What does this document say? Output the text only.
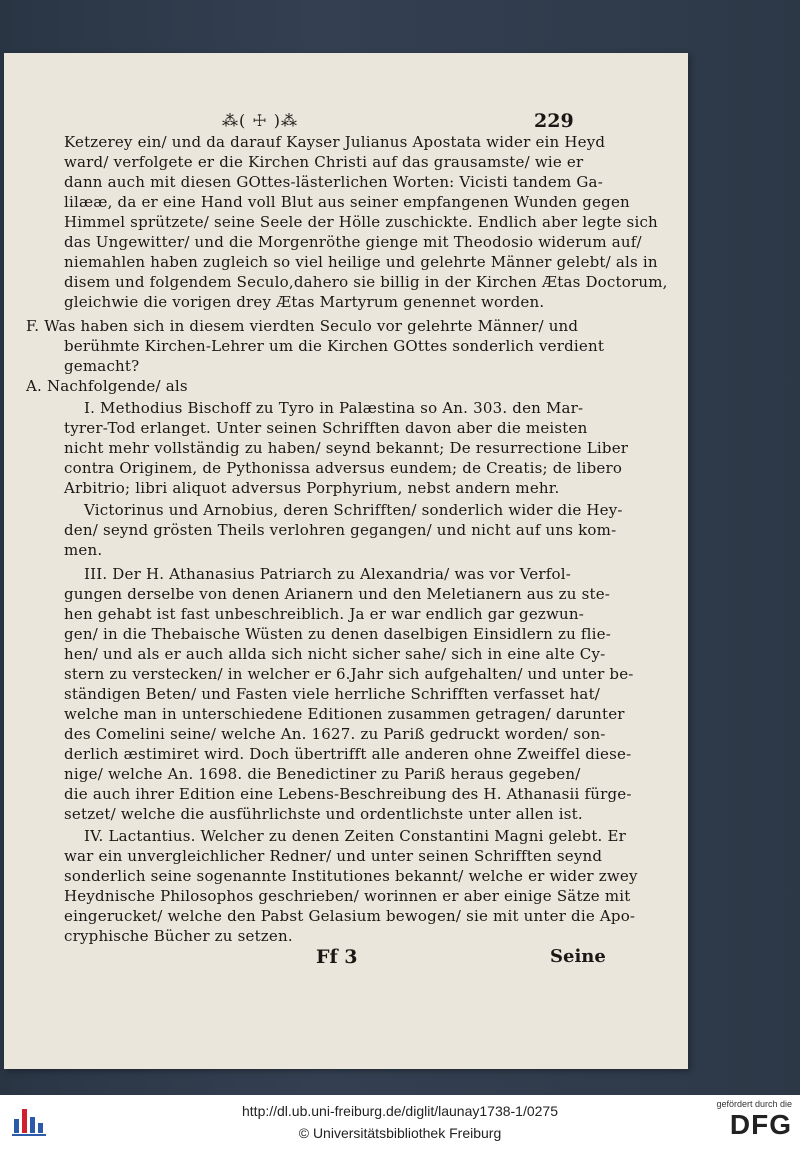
⁂( ☩ )⁂	229
Ketzerey ein/ und da darauf Kayser Julianus Apostata wider ein Heyd
ward/ verfolgete er die Kirchen Christi auf das grausamste/ wie er
dann auch mit diesen GOttes-lästerlichen Worten: Vicisti tandem Ga-
lilææ, da er eine Hand voll Blut aus seiner empfangenen Wunden gegen
Himmel sprützete/ seine Seele der Hölle zuschickte. Endlich aber legte sich
das Ungewitter/ und die Morgenröthe gienge mit Theodosio widerum auf/
niemahlen haben zugleich so viel heilige und gelehrte Männer gelebt/ als in
disem und folgendem Seculo,dahero sie billig in der Kirchen Ætas Doctorum,
gleichwie die vorigen drey Ætas Martyrum genennet worden.
F. Was haben sich in diesem vierdten Seculo vor gelehrte Männer/ und
berühmte Kirchen-Lehrer um die Kirchen GOttes sonderlich verdient
gemacht?
A. Nachfolgende/ als
I. Methodius Bischoff zu Tyro in Palæstina so An. 303. den Mar-
tyrer-Tod erlanget. Unter seinen Schrifften davon aber die meisten
nicht mehr vollständig zu haben/ seynd bekannt; De resurrectione Liber
contra Originem, de Pythonissa adversus eundem; de Creatis; de libero
Arbitrio; libri aliquot adversus Porphyrium, nebst andern mehr.
Victorinus und Arnobius, deren Schrifften/ sonderlich wider die Hey-
den/ seynd grösten Theils verlohren gegangen/ und nicht auf uns kom-
men.
III. Der H. Athanasius Patriarch zu Alexandria/ was vor Verfol-
gungen derselbe von denen Arianern und den Meletianern aus zu ste-
hen gehabt ist fast unbeschreiblich. Ja er war endlich gar gezwun-
gen/ in die Thebaische Wüsten zu denen daselbigen Einsidlern zu flie-
hen/ und als er auch allda sich nicht sicher sahe/ sich in eine alte Cy-
stern zu verstecken/ in welcher er 6.Jahr sich aufgehalten/ und unter be-
ständigen Beten/ und Fasten viele herrliche Schrifften verfasset hat/
welche man in unterschiedene Editionen zusammen getragen/ darunter
des Comelini seine/ welche An. 1627. zu Pariß gedruckt worden/ son-
derlich æstimiret wird. Doch übertrifft alle anderen ohne Zweiffel diese-
nige/ welche An. 1698. die Benedictiner zu Pariß heraus gegeben/
die auch ihrer Edition eine Lebens-Beschreibung des H. Athanasii fürge-
setzet/ welche die ausführlichste und ordentlichste unter allen ist.
IV. Lactantius. Welcher zu denen Zeiten Constantini Magni gelebt. Er
war ein unvergleichlicher Redner/ und unter seinen Schrifften seynd
sonderlich seine sogenannte Institutiones bekannt/ welche er wider zwey
Heydnische Philosophos geschrieben/ worinnen er aber einige Sätze mit
eingerucket/ welche den Pabst Gelasium bewogen/ sie mit unter die Apo-
cryphische Bücher zu setzen.
Ff 3	Seine
http://dl.ub.uni-freiburg.de/diglit/launay1738-1/0275
© Universitätsbibliothek Freiburg
gefördert durch die
DFG
